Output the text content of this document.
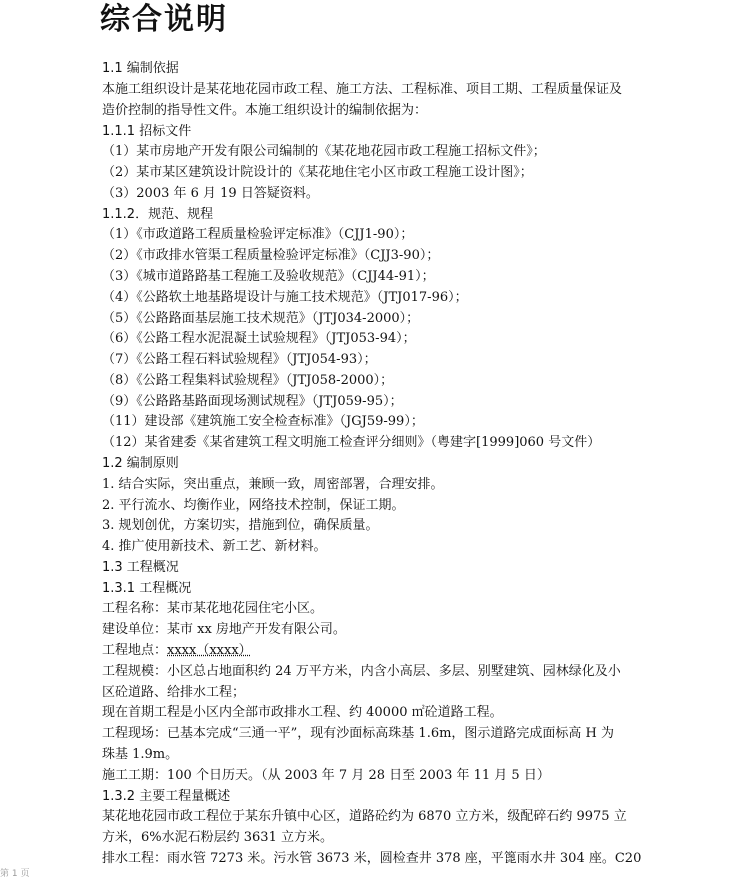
综合说明
1.1 编制依据
本施工组织设计是某花地花园市政工程、施工方法、工程标准、项目工期、工程质量保证及
造价控制的指导性文件。本施工组织设计的编制依据为：
1.1.1 招标文件
（1）某市房地产开发有限公司编制的《某花地花园市政工程施工招标文件》；
（2）某市某区建筑设计院设计的《某花地住宅小区市政工程施工设计图》；
（3）2003 年 6 月 19 日答疑资料。
1.1.2．规范、规程
（1）《市政道路工程质量检验评定标准》（CJJ1-90）；
（2）《市政排水管渠工程质量检验评定标准》（CJJ3-90）；
（3）《城市道路路基工程施工及验收规范》（CJJ44-91）；
（4）《公路软土地基路堤设计与施工技术规范》（JTJ017-96）；
（5）《公路路面基层施工技术规范》（JTJ034-2000）；
（6）《公路工程水泥混凝土试验规程》（JTJ053-94）；
（7）《公路工程石料试验规程》（JTJ054-93）；
（8）《公路工程集料试验规程》（JTJ058-2000）；
（9）《公路路基路面现场测试规程》（JTJ059-95）；
（11）建设部《建筑施工安全检查标准》（JGJ59-99）；
（12）某省建委《某省建筑工程文明施工检查评分细则》（粤建字[1999]060 号文件）
1.2 编制原则
1. 结合实际，突出重点，兼顾一致，周密部署，合理安排。
2. 平行流水、均衡作业，网络技术控制，保证工期。
3. 规划创优，方案切实，措施到位，确保质量。
4. 推广使用新技术、新工艺、新材料。
1.3 工程概况
1.3.1 工程概况
工程名称：某市某花地花园住宅小区。
建设单位：某市 xx 房地产开发有限公司。
工程地点：xxxx（xxxx）
工程规模：小区总占地面积约 24 万平方米，内含小高层、多层、别墅建筑、园林绿化及小
区砼道路、给排水工程；
现在首期工程是小区内全部市政排水工程、约 40000 ㎡砼道路工程。
工程现场：已基本完成“三通一平”，现有沙面标高珠基 1.6m，图示道路完成面标高 H 为
珠基 1.9m。
施工工期：100 个日历天。（从 2003 年 7 月 28 日至 2003 年 11 月 5 日）
1.3.2 主要工程量概述
某花地花园市政工程位于某东升镇中心区，道路砼约为 6870 立方米，级配碎石约 9975 立
方米，6%水泥石粉层约 3631 立方米。
排水工程：雨水管 7273 米。污水管 3673 米，圆检查井 378 座，平篦雨水井 304 座。C20
第 1 页
